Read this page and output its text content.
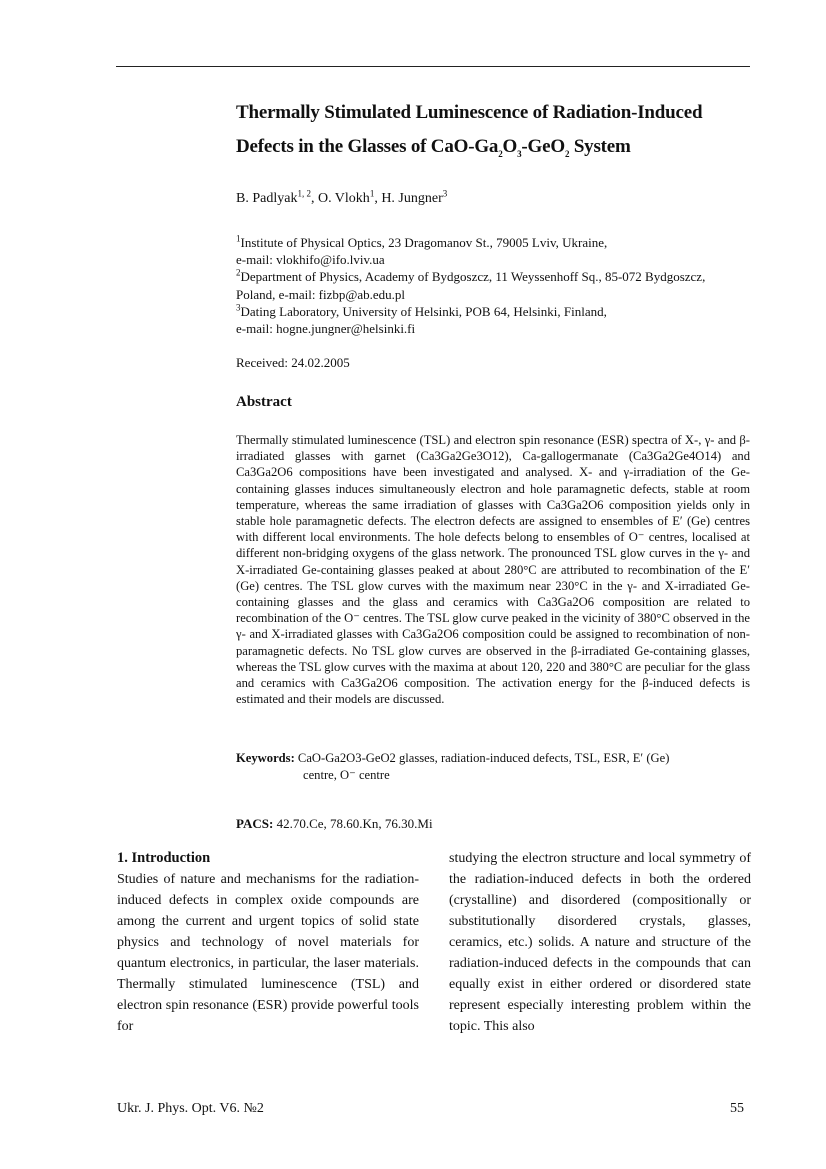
Thermally Stimulated Luminescence of Radiation-Induced
Defects in the Glasses of CaO-$Ga_2O_3-GeO_2$ System
B. Padlyak$^{1, 2}$, O. Vlokh$^1$, H. Jungner$^3$
$^1$Institute of Physical Optics, 23 Dragomanov St., 79005 Lviv, Ukraine,
e-mail: vlokhifo@ifo.lviv.ua
$^2$Department of Physics, Academy of Bydgoszcz, 11 Weyssenhoff Sq., 85-072 Bydgoszcz,
Poland, e-mail: fizbp@ab.edu.pl
$^3$Dating Laboratory, University of Helsinki, POB 64, Helsinki, Finland,
e-mail: hogne.jungner@helsinki.fi
Received: 24.02.2005
Abstract
Thermally stimulated luminescence (TSL) and electron spin resonance (ESR) spectra of X-, γ- and β-irradiated glasses with garnet (Ca3Ga2Ge3O12), Ca-gallogermanate (Ca3Ga2Ge4O14) and Ca3Ga2O6 compositions have been investigated and analysed. X- and γ-irradiation of the Ge-containing glasses induces simultaneously electron and hole paramagnetic defects, stable at room temperature, whereas the same irradiation of glasses with Ca3Ga2O6 composition yields only in stable hole paramagnetic defects. The electron defects are assigned to ensembles of E′ (Ge) centres with different local environments. The hole defects belong to ensembles of O⁻ centres, localised at different non-bridging oxygens of the glass network. The pronounced TSL glow curves in the γ- and X-irradiated Ge-containing glasses peaked at about 280°C are attributed to recombination of the E′ (Ge) centres. The TSL glow curves with the maximum near 230°C in the γ- and X-irradiated Ge-containing glasses and the glass and ceramics with Ca3Ga2O6 composition are related to recombination of the O⁻ centres. The TSL glow curve peaked in the vicinity of 380°C observed in the γ- and X-irradiated glasses with Ca3Ga2O6 composition could be assigned to recombination of non-paramagnetic defects. No TSL glow curves are observed in the β-irradiated Ge-containing glasses, whereas the TSL glow curves with the maxima at about 120, 220 and 380°C are peculiar for the glass and ceramics with Ca3Ga2O6 composition. The activation energy for the β-induced defects is estimated and their models are discussed.
Keywords: CaO-Ga2O3-GeO2 glasses, radiation-induced defects, TSL, ESR, E′ (Ge)
centre, O⁻ centre
PACS: 42.70.Ce, 78.60.Kn, 76.30.Mi
1. Introduction
Studies of nature and mechanisms for the radiation-induced defects in complex oxide compounds are among the current and urgent topics of solid state physics and technology of novel materials for quantum electronics, in particular, the laser materials. Thermally stimulated luminescence (TSL) and electron spin resonance (ESR) provide powerful tools for
studying the electron structure and local symmetry of the radiation-induced defects in both the ordered (crystalline) and disordered (compositionally or substitutionally disordered crystals, glasses, ceramics, etc.) solids. A nature and structure of the radiation-induced defects in the compounds that can equally exist in either ordered or disordered state represent especially interesting problem within the topic. This also
Ukr. J. Phys. Opt. V6. №2	55
